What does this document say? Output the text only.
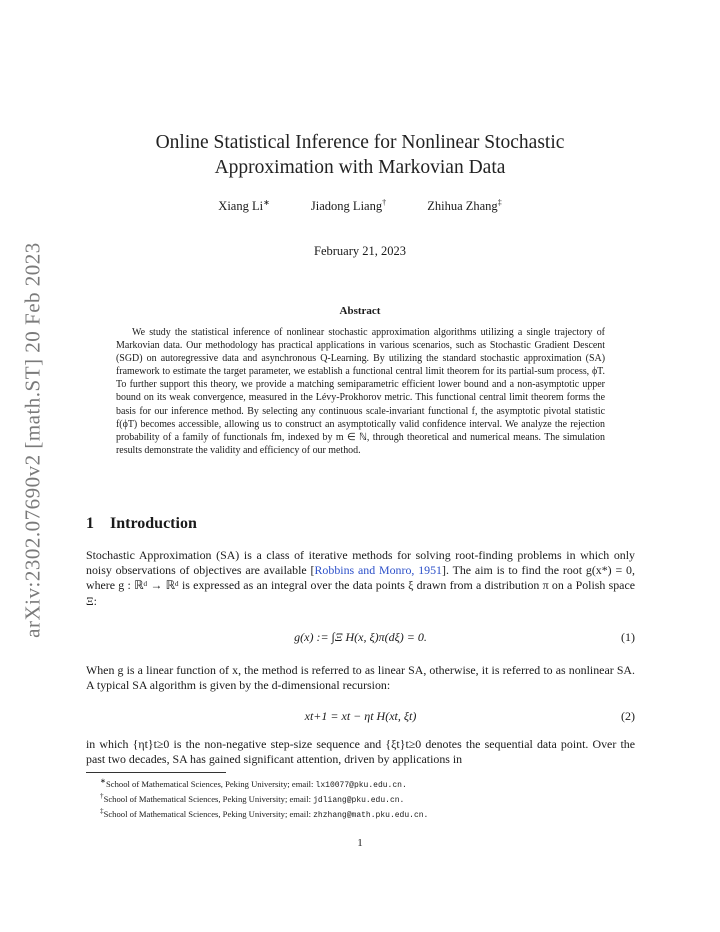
arXiv:2302.07690v2 [math.ST] 20 Feb 2023
Online Statistical Inference for Nonlinear Stochastic Approximation with Markovian Data
Xiang Li∗	Jiadong Liang†	Zhihua Zhang‡
February 21, 2023
Abstract
We study the statistical inference of nonlinear stochastic approximation algorithms utilizing a single trajectory of Markovian data. Our methodology has practical applications in various scenarios, such as Stochastic Gradient Descent (SGD) on autoregressive data and asynchronous Q-Learning. By utilizing the standard stochastic approximation (SA) framework to estimate the target parameter, we establish a functional central limit theorem for its partial-sum process, ϕT. To further support this theory, we provide a matching semiparametric efficient lower bound and a non-asymptotic upper bound on its weak convergence, measured in the Lévy-Prokhorov metric. This functional central limit theorem forms the basis for our inference method. By selecting any continuous scale-invariant functional f, the asymptotic pivotal statistic f(ϕT) becomes accessible, allowing us to construct an asymptotically valid confidence interval. We analyze the rejection probability of a family of functionals fm, indexed by m ∈ ℕ, through theoretical and numerical means. The simulation results demonstrate the validity and efficiency of our method.
1 Introduction
Stochastic Approximation (SA) is a class of iterative methods for solving root-finding problems in which only noisy observations of objectives are available [Robbins and Monro, 1951]. The aim is to find the root g(x*) = 0, where g : ℝᵈ → ℝᵈ is expressed as an integral over the data points ξ drawn from a distribution π on a Polish space Ξ:
g(x) := ∫Ξ H(x, ξ)π(dξ) = 0.	(1)
When g is a linear function of x, the method is referred to as linear SA, otherwise, it is referred to as nonlinear SA. A typical SA algorithm is given by the d-dimensional recursion:
xt+1 = xt − ηt H(xt, ξt)	(2)
in which {ηt}t≥0 is the non-negative step-size sequence and {ξt}t≥0 denotes the sequential data point. Over the past two decades, SA has gained significant attention, driven by applications in
∗School of Mathematical Sciences, Peking University; email: lx10077@pku.edu.cn.
†School of Mathematical Sciences, Peking University; email: jdliang@pku.edu.cn.
‡School of Mathematical Sciences, Peking University; email: zhzhang@math.pku.edu.cn.
1
